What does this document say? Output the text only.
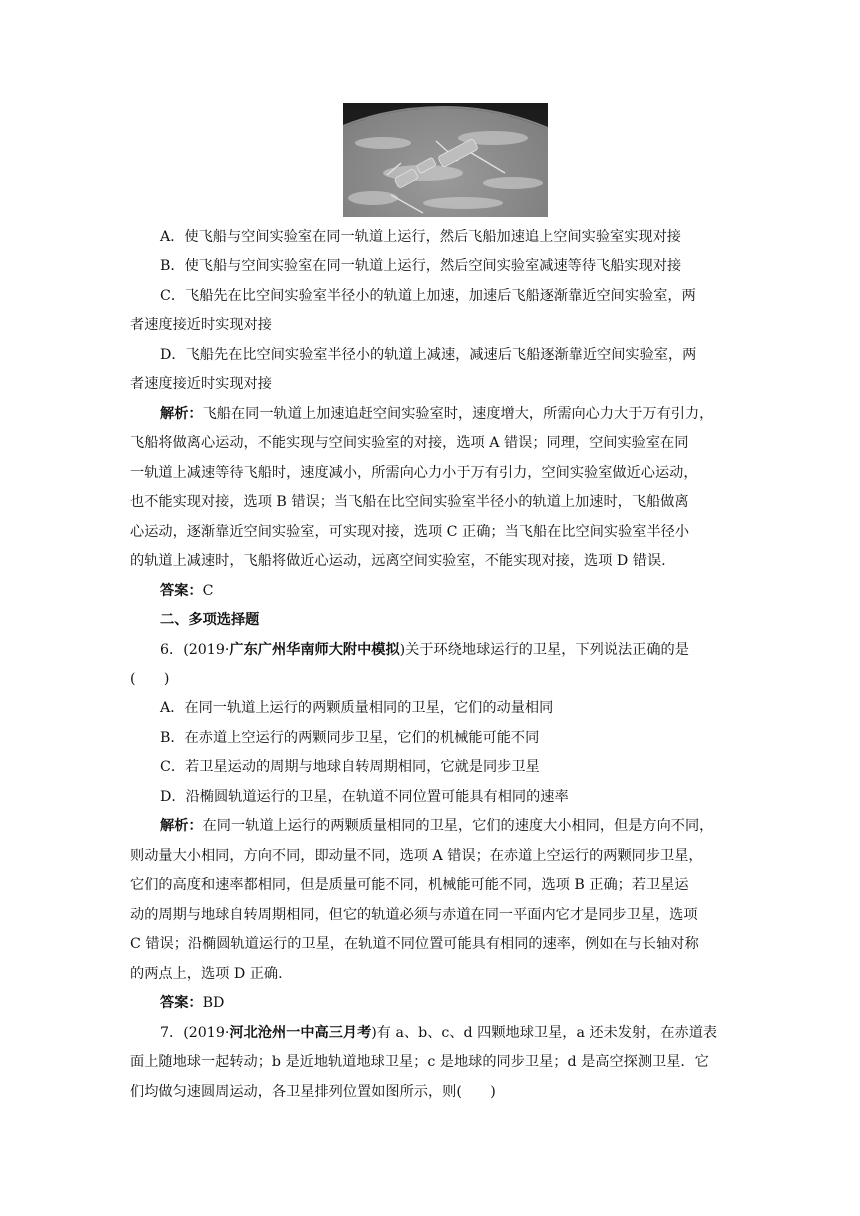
A．使飞船与空间实验室在同一轨道上运行，然后飞船加速追上空间实验室实现对接
B．使飞船与空间实验室在同一轨道上运行，然后空间实验室减速等待飞船实现对接
C．飞船先在比空间实验室半径小的轨道上加速，加速后飞船逐渐靠近空间实验室，两
者速度接近时实现对接
D．飞船先在比空间实验室半径小的轨道上减速，减速后飞船逐渐靠近空间实验室，两
者速度接近时实现对接
解析：飞船在同一轨道上加速追赶空间实验室时，速度增大，所需向心力大于万有引力，
飞船将做离心运动，不能实现与空间实验室的对接，选项 A 错误；同理，空间实验室在同
一轨道上减速等待飞船时，速度减小，所需向心力小于万有引力，空间实验室做近心运动，
也不能实现对接，选项 B 错误；当飞船在比空间实验室半径小的轨道上加速时，飞船做离
心运动，逐渐靠近空间实验室，可实现对接，选项 C 正确；当飞船在比空间实验室半径小
的轨道上减速时，飞船将做近心运动，远离空间实验室，不能实现对接，选项 D 错误.
答案：C
二、多项选择题
6．(2019·广东广州华南师大附中模拟)关于环绕地球运行的卫星，下列说法正确的是
(　　)
A．在同一轨道上运行的两颗质量相同的卫星，它们的动量相同
B．在赤道上空运行的两颗同步卫星，它们的机械能可能不同
C．若卫星运动的周期与地球自转周期相同，它就是同步卫星
D．沿椭圆轨道运行的卫星，在轨道不同位置可能具有相同的速率
解析：在同一轨道上运行的两颗质量相同的卫星，它们的速度大小相同，但是方向不同，
则动量大小相同，方向不同，即动量不同，选项 A 错误；在赤道上空运行的两颗同步卫星，
它们的高度和速率都相同，但是质量可能不同，机械能可能不同，选项 B 正确；若卫星运
动的周期与地球自转周期相同，但它的轨道必须与赤道在同一平面内它才是同步卫星，选项
C 错误；沿椭圆轨道运行的卫星，在轨道不同位置可能具有相同的速率，例如在与长轴对称
的两点上，选项 D 正确.
答案：BD
7．(2019·河北沧州一中高三月考)有 a、b、c、d 四颗地球卫星，a 还未发射，在赤道表
面上随地球一起转动；b 是近地轨道地球卫星；c 是地球的同步卫星；d 是高空探测卫星．它
们均做匀速圆周运动，各卫星排列位置如图所示，则(　　)
